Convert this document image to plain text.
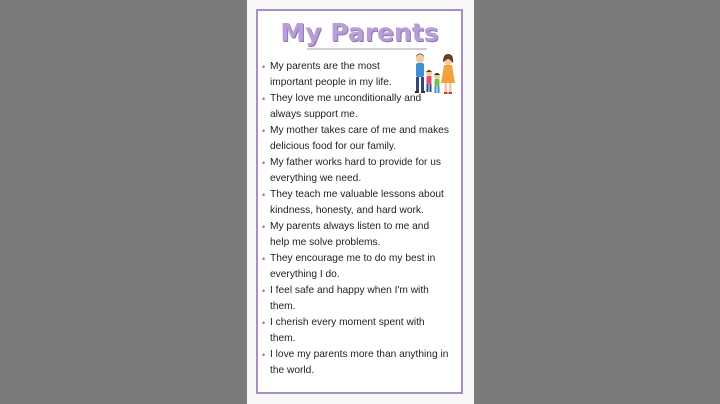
My Parents
• My parents are the most
important people in my life.
• They love me unconditionally and
always support me.
• My mother takes care of me and makes
delicious food for our family.
• My father works hard to provide for us
everything we need.
• They teach me valuable lessons about
kindness, honesty, and hard work.
• My parents always listen to me and
help me solve problems.
• They encourage me to do my best in
everything I do.
• I feel safe and happy when I'm with
them.
• I cherish every moment spent with
them.
• I love my parents more than anything in
the world.
